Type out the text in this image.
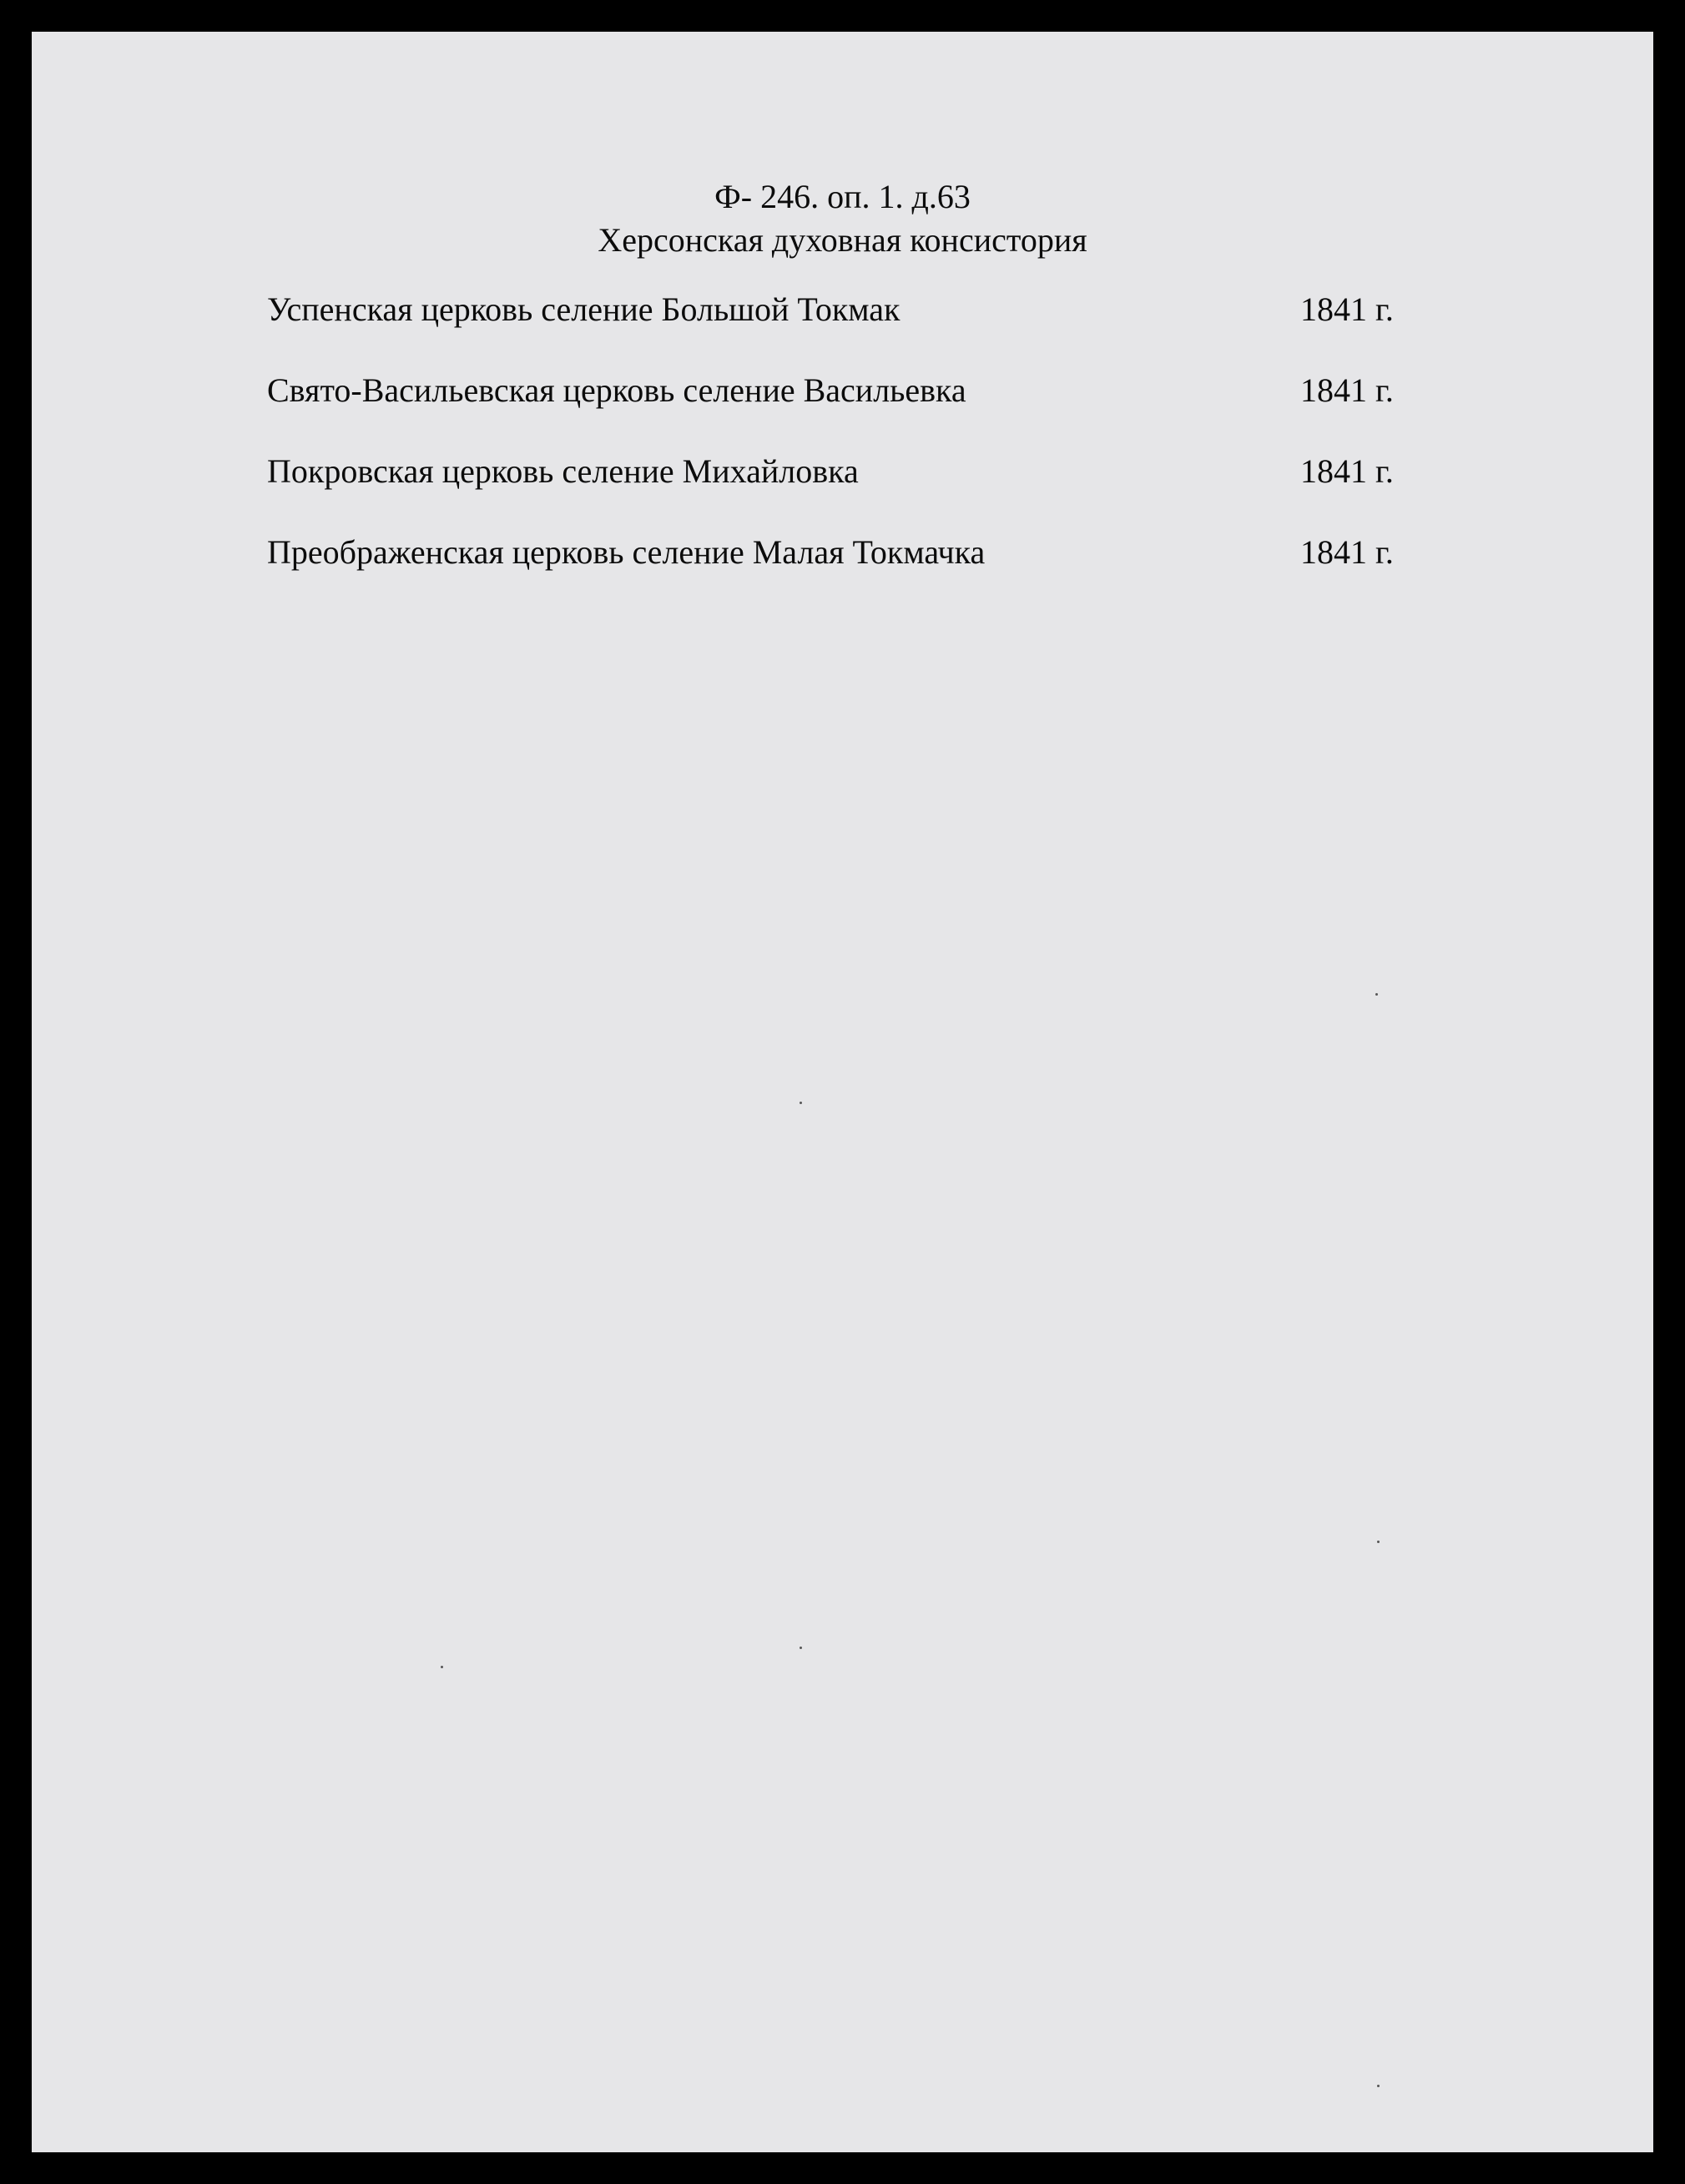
Ф- 246. оп. 1. д.63
Херсонская духовная консистория
Успенская церковь селение Большой Токмак	1841 г.
Свято-Васильевская церковь селение Васильевка	1841 г.
Покровская церковь селение Михайловка	1841 г.
Преображенская церковь селение Малая Токмачка	1841 г.
